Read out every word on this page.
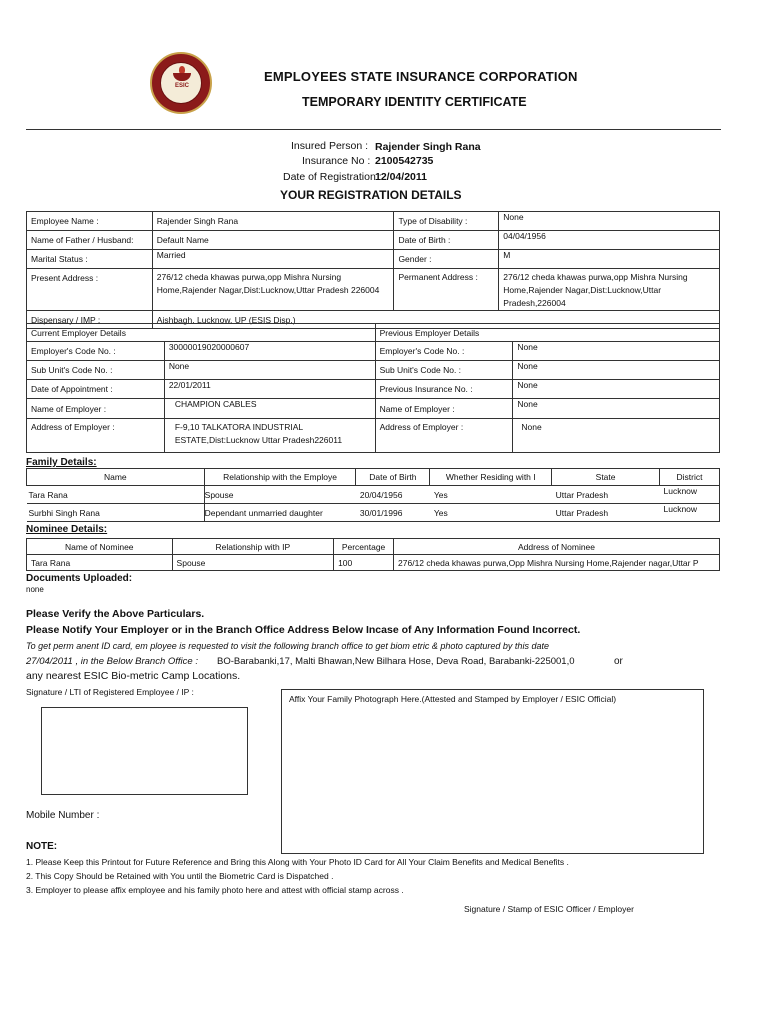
ESIC
EMPLOYEES STATE INSURANCE CORPORATION
TEMPORARY IDENTITY CERTIFICATE
Insured Person : Rajender Singh Rana
Insurance No : 2100542735
Date of Registration :
12/04/2011
YOUR REGISTRATION DETAILS
Employee Name :	Rajender Singh Rana	Type of Disability :	None
Name of Father / Husband:	Default Name	Date of Birth :	04/04/1956
Marital Status :	Married	Gender :	M
Present Address :	276/12 cheda khawas purwa,opp Mishra Nursing Home,Rajender Nagar,Dist:Lucknow,Uttar Pradesh 226004	Permanent Address :	276/12 cheda khawas purwa,opp Mishra Nursing Home,Rajender Nagar,Dist:Lucknow,Uttar Pradesh,226004
Dispensary / IMP :	Aishbagh, Lucknow, UP (ESIS Disp.)		
Current Employer Details		Previous Employer Details	
Employer's Code No. :	30000019020000607	Employer's Code No. :	None
Sub Unit's Code No. :	None	Sub Unit's Code No. :	None
Date of Appointment :	22/01/2011	Previous Insurance No. :	None
Name of Employer :	CHAMPION CABLES	Name of Employer :	None
Address of Employer :	F-9,10 TALKATORA INDUSTRIAL ESTATE,Dist:Lucknow Uttar Pradesh226011	Address of Employer :	None
Family Details:
Name	Relationship with the Employe	Date of Birth	Whether Residing with I	State	District
Tara Rana	Spouse	20/04/1956	Yes	Uttar Pradesh	Lucknow
Surbhi Singh Rana	Dependant unmarried daughter	30/01/1996	Yes	Uttar Pradesh	Lucknow
Nominee Details:
Name of Nominee	Relationship with IP	Percentage	Address of Nominee
Tara Rana	Spouse	100	276/12 cheda khawas purwa,Opp Mishra Nursing Home,Rajender nagar,Uttar P
Documents Uploaded:
none
Please Verify the Above Particulars.
Please Notify Your Employer or in the Branch Office Address Below Incase of Any Information Found Incorrect.
To get perm anent ID card, em ployee is requested to visit the following branch office to get biom etric & photo captured by this date
27/04/2011 , in the Below Branch Office : BO-Barabanki,17, Malti Bhawan,New Bilhara Hose, Deva Road, Barabanki-225001,0	or
any nearest ESIC Bio-metric Camp Locations.
Signature / LTI of Registered Employee / IP :
Affix Your Family Photograph Here.(Attested and Stamped by Employer / ESIC Official)
Mobile Number :
NOTE:
1. Please Keep this Printout for Future Reference and Bring this Along with Your Photo ID Card for All Your Claim Benefits and Medical Benefits .
2. This Copy Should be Retained with You until the Biometric Card is Dispatched .
3. Employer to please affix employee and his family photo here and attest with official stamp across .
Signature / Stamp of ESIC Officer / Employer
